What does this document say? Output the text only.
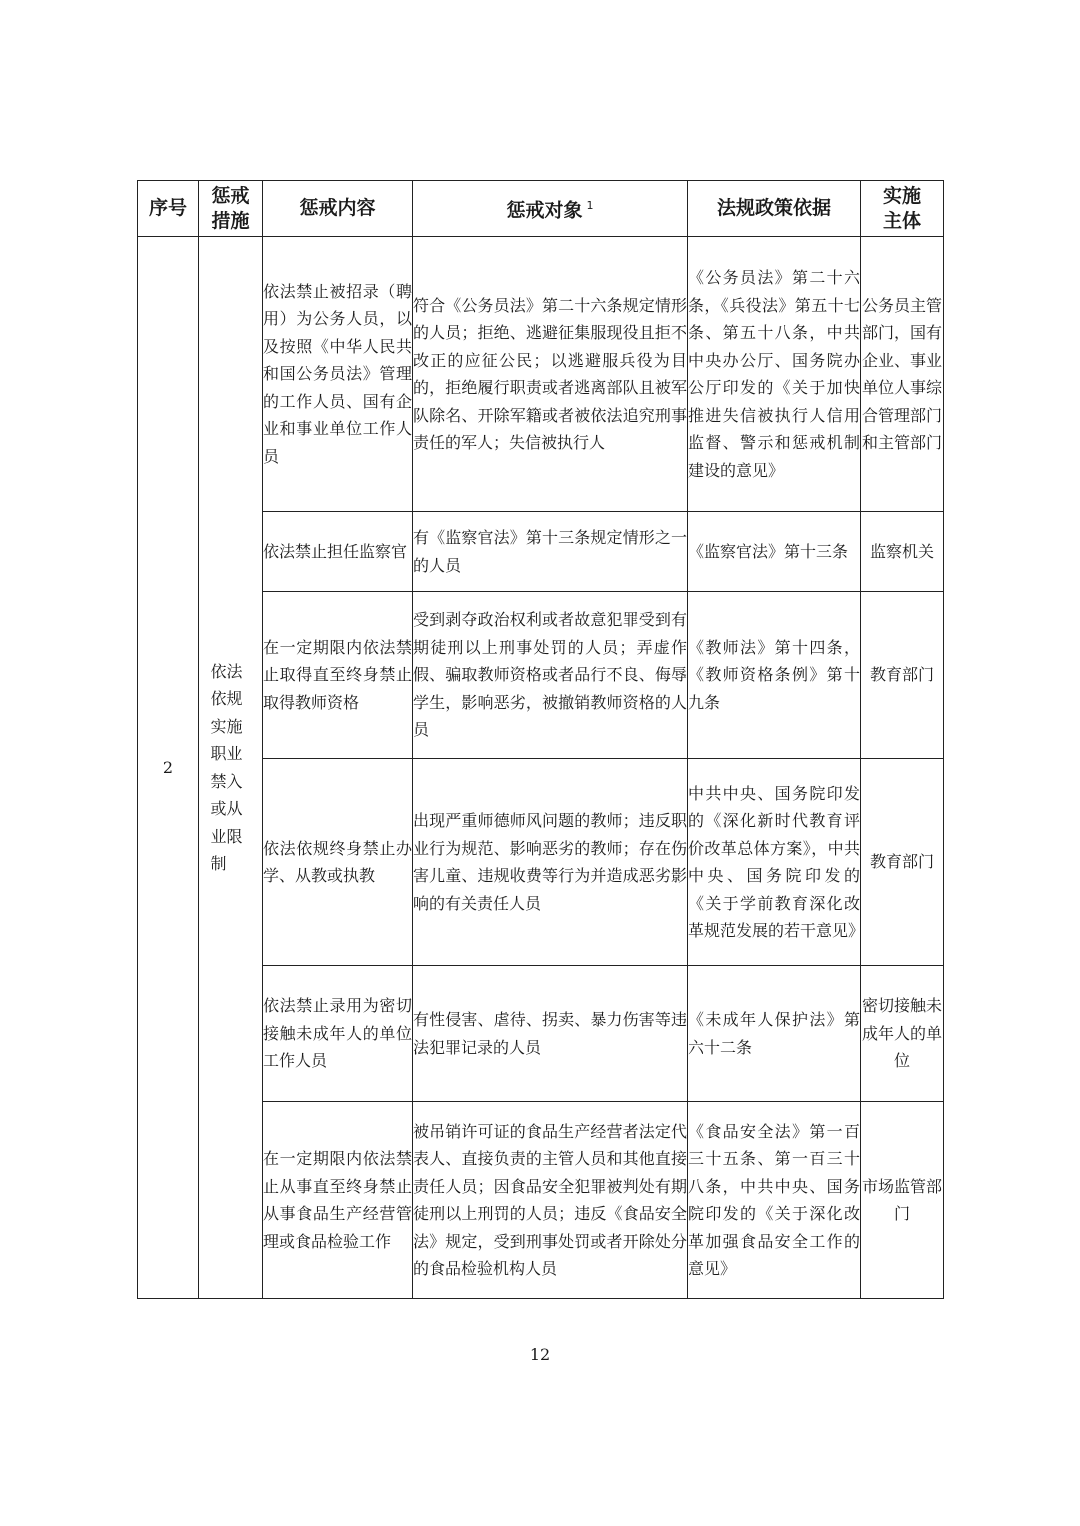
序号	惩戒措施	惩戒内容	惩戒对象 $^1$	法规政策依据	实施主体

2	依法依规实施职业禁入或从业限制	依法禁止被招录（聘用）为公务人员，以及按照《中华人民共和国公务员法》管理的工作人员、国有企业和事业单位工作人员	符合《公务员法》第二十六条规定情形的人员；拒绝、逃避征集服现役且拒不改正的应征公民；以逃避服兵役为目的，拒绝履行职责或者逃离部队且被军队除名、开除军籍或者被依法追究刑事责任的军人；失信被执行人	《公务员法》第二十六条，《兵役法》第五十七条、第五十八条，中共中央办公厅、国务院办公厅印发的《关于加快推进失信被执行人信用监督、警示和惩戒机制建设的意见》	公务员主管部门，国有企业、事业单位人事综合管理部门和主管部门
		依法禁止担任监察官	有《监察官法》第十三条规定情形之一的人员	《监察官法》第十三条	监察机关
		在一定期限内依法禁止取得直至终身禁止取得教师资格	受到剥夺政治权利或者故意犯罪受到有期徒刑以上刑事处罚的人员；弄虚作假、骗取教师资格或者品行不良、侮辱学生，影响恶劣，被撤销教师资格的人员	《教师法》第十四条，《教师资格条例》第十九条	教育部门
		依法依规终身禁止办学、从教或执教	出现严重师德师风问题的教师；违反职业行为规范、影响恶劣的教师；存在伤害儿童、违规收费等行为并造成恶劣影响的有关责任人员	中共中央、国务院印发的《深化新时代教育评价改革总体方案》，中共中央、国务院印发的《关于学前教育深化改革规范发展的若干意见》	教育部门
		依法禁止录用为密切接触未成年人的单位工作人员	有性侵害、虐待、拐卖、暴力伤害等违法犯罪记录的人员	《未成年人保护法》第六十二条	密切接触未成年人的单位
		在一定期限内依法禁止从事直至终身禁止从事食品生产经营管理或食品检验工作	被吊销许可证的食品生产经营者法定代表人、直接负责的主管人员和其他直接责任人员；因食品安全犯罪被判处有期徒刑以上刑罚的人员；违反《食品安全法》规定，受到刑事处罚或者开除处分的食品检验机构人员	《食品安全法》第一百三十五条、第一百三十八条，中共中央、国务院印发的《关于深化改革加强食品安全工作的意见》	市场监管部门
12
